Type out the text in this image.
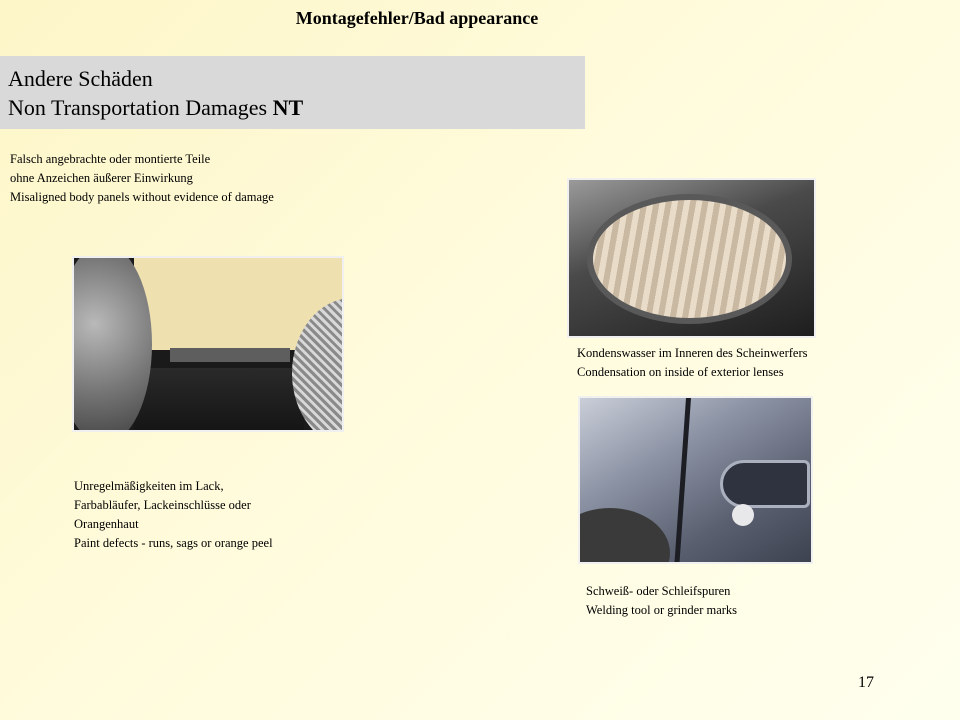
Montagefehler/Bad appearance
Andere Schäden
Non Transportation Damages NT
Falsch angebrachte oder montierte Teile
ohne Anzeichen äußerer Einwirkung
Misaligned body panels without evidence of damage
Unregelmäßigkeiten im Lack,
Farbabläufer, Lackeinschlüsse oder
Orangenhaut
Paint defects - runs, sags or orange peel
Kondenswasser im Inneren des Scheinwerfers
Condensation on inside of exterior lenses
Schweiß- oder Schleifspuren
Welding tool or grinder marks
17
